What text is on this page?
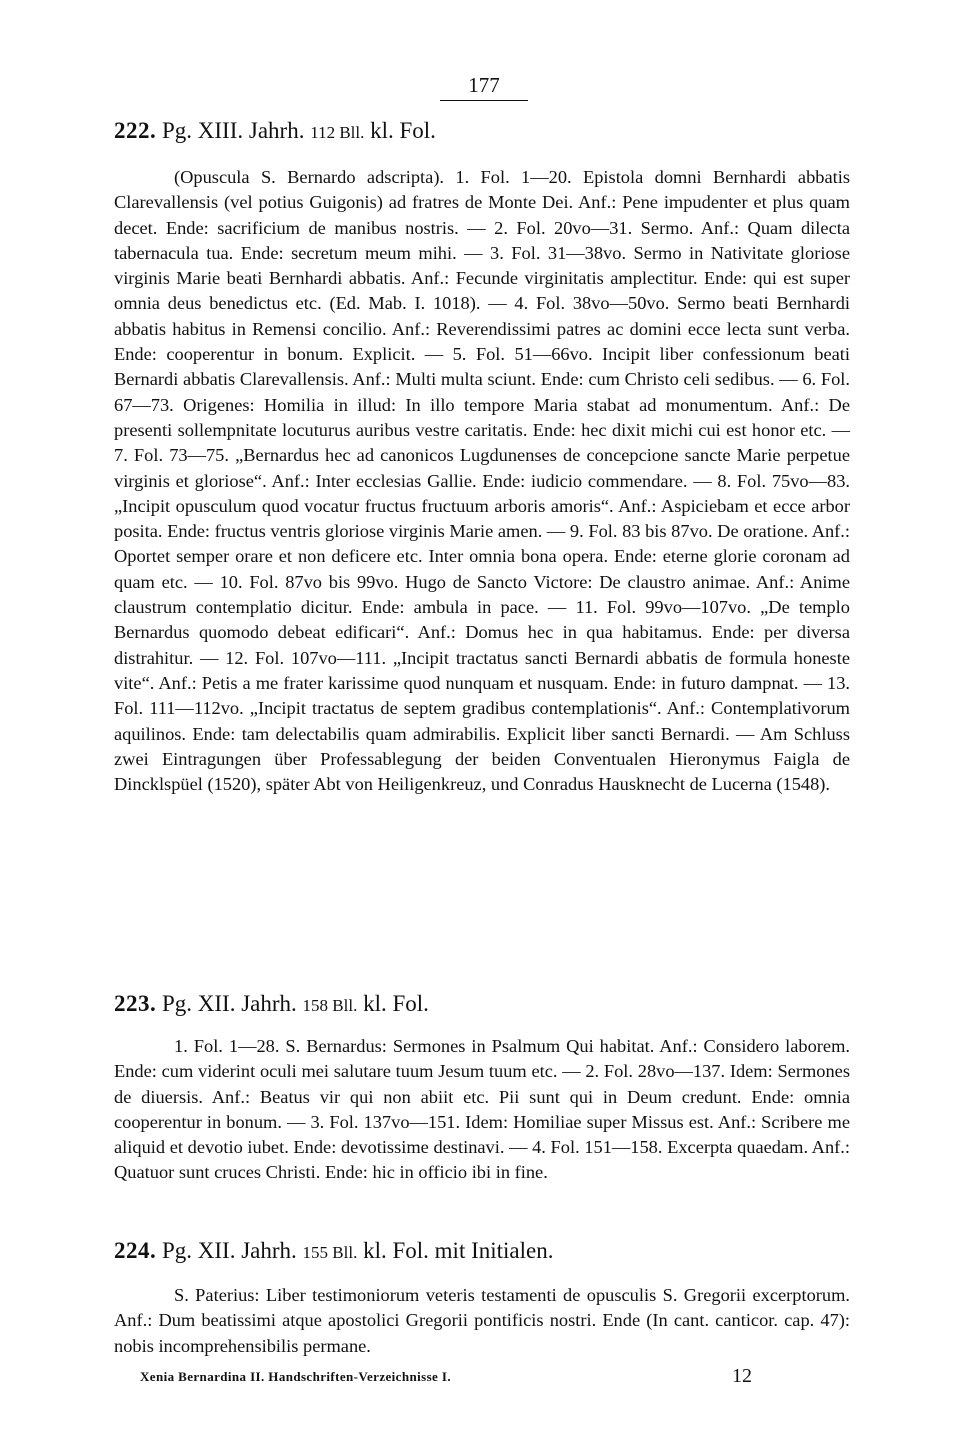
177
222. Pg. XIII. Jahrh. 112 Bll. kl. Fol.

(Opuscula S. Bernardo adscripta). 1. Fol. 1—20. Epistola domni Bernhardi abbatis Clarevallensis (vel potius Guigonis) ad fratres de Monte Dei. Anf.: Pene impudenter et plus quam decet. Ende: sacrificium de manibus nostris. — 2. Fol. 20vo—31. Sermo. Anf.: Quam dilecta tabernacula tua. Ende: secretum meum mihi. — 3. Fol. 31—38vo. Sermo in Nativitate gloriose virginis Marie beati Bernhardi abbatis. Anf.: Fecunde virginitatis amplectitur. Ende: qui est super omnia deus benedictus etc. (Ed. Mab. I. 1018). — 4. Fol. 38vo—50vo. Sermo beati Bernhardi abbatis habitus in Remensi concilio. Anf.: Reverendissimi patres ac domini ecce lecta sunt verba. Ende: cooperentur in bonum. Explicit. — 5. Fol. 51—66vo. Incipit liber confessionum beati Bernardi abbatis Clarevallensis. Anf.: Multi multa sciunt. Ende: cum Christo celi sedibus. — 6. Fol. 67—73. Origenes: Homilia in illud: In illo tempore Maria stabat ad monumentum. Anf.: De presenti sollempnitate locuturus auribus vestre caritatis. Ende: hec dixit michi cui est honor etc. — 7. Fol. 73—75. „Bernardus hec ad canonicos Lugdunenses de concepcione sancte Marie perpetue virginis et gloriose“. Anf.: Inter ecclesias Gallie. Ende: iudicio commendare. — 8. Fol. 75vo—83. „Incipit opusculum quod vocatur fructus fructuum arboris amoris“. Anf.: Aspiciebam et ecce arbor posita. Ende: fructus ventris gloriose virginis Marie amen. — 9. Fol. 83 bis 87vo. De oratione. Anf.: Oportet semper orare et non deficere etc. Inter omnia bona opera. Ende: eterne glorie coronam ad quam etc. — 10. Fol. 87vo bis 99vo. Hugo de Sancto Victore: De claustro animae. Anf.: Anime claustrum contemplatio dicitur. Ende: ambula in pace. — 11. Fol. 99vo—107vo. „De templo Bernardus quomodo debeat edificari“. Anf.: Domus hec in qua habitamus. Ende: per diversa distrahitur. — 12. Fol. 107vo—111. „Incipit tractatus sancti Bernardi abbatis de formula honeste vite“. Anf.: Petis a me frater karissime quod nunquam et nusquam. Ende: in futuro dampnat. — 13. Fol. 111—112vo. „Incipit tractatus de septem gradibus contemplationis“. Anf.: Contemplativorum aquilinos. Ende: tam delectabilis quam admirabilis. Explicit liber sancti Bernardi. — Am Schluss zwei Eintragungen über Professablegung der beiden Conventualen Hieronymus Faigla de Dincklspüel (1520), später Abt von Heiligenkreuz, und Conradus Hausknecht de Lucerna (1548).

223. Pg. XII. Jahrh. 158 Bll. kl. Fol.

1. Fol. 1—28. S. Bernardus: Sermones in Psalmum Qui habitat. Anf.: Considero laborem. Ende: cum viderint oculi mei salutare tuum Jesum tuum etc. — 2. Fol. 28vo—137. Idem: Sermones de diuersis. Anf.: Beatus vir qui non abiit etc. Pii sunt qui in Deum credunt. Ende: omnia cooperentur in bonum. — 3. Fol. 137vo—151. Idem: Homiliae super Missus est. Anf.: Scribere me aliquid et devotio iubet. Ende: devotissime destinavi. — 4. Fol. 151—158. Excerpta quaedam. Anf.: Quatuor sunt cruces Christi. Ende: hic in officio ibi in fine.

224. Pg. XII. Jahrh. 155 Bll. kl. Fol. mit Initialen.

S. Paterius: Liber testimoniorum veteris testamenti de opusculis S. Gregorii excerptorum. Anf.: Dum beatissimi atque apostolici Gregorii pontificis nostri. Ende (In cant. canticor. cap. 47): nobis incomprehensibilis permane.

Xenia Bernardina II. Handschriften-Verzeichnisse I.	12
